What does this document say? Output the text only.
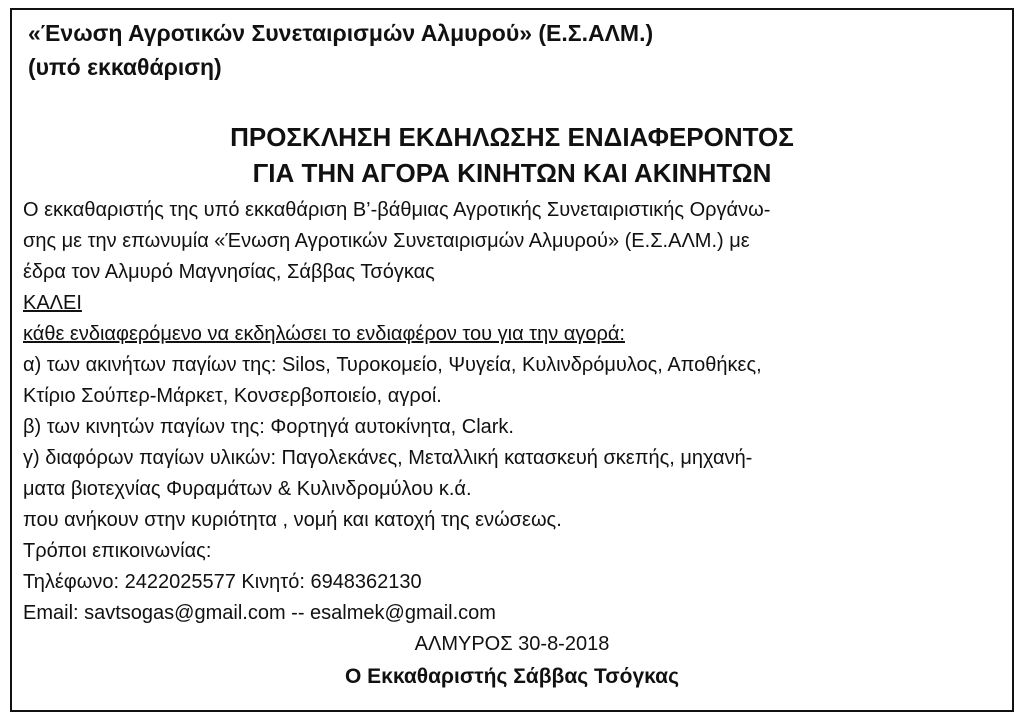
«Ένωση Αγροτικών Συνεταιρισμών Αλμυρού» (Ε.Σ.ΑΛΜ.)
(υπό εκκαθάριση)
ΠΡΟΣΚΛΗΣΗ ΕΚΔΗΛΩΣΗΣ ΕΝΔΙΑΦΕΡΟΝΤΟΣ
ΓΙΑ ΤΗΝ ΑΓΟΡΑ ΚΙΝΗΤΩΝ ΚΑΙ ΑΚΙΝΗΤΩΝ
Ο εκκαθαριστής της υπό εκκαθάριση Β’-βάθμιας Αγροτικής Συνεταιριστικής Οργάνω-
σης με την επωνυμία «Ένωση Αγροτικών Συνεταιρισμών Αλμυρού» (Ε.Σ.ΑΛΜ.) με
έδρα τον Αλμυρό Μαγνησίας, Σάββας Τσόγκας
ΚΑΛΕΙ
κάθε ενδιαφερόμενο να εκδηλώσει το ενδιαφέρον του για την αγορά:
α) των ακινήτων παγίων της: Silos, Τυροκομείο, Ψυγεία, Κυλινδρόμυλος, Αποθήκες,
Κτίριο Σούπερ-Μάρκετ, Κονσερβοποιείο, αγροί.
β) των κινητών παγίων της: Φορτηγά αυτοκίνητα, Clark.
γ) διαφόρων παγίων υλικών: Παγολεκάνες, Μεταλλική κατασκευή σκεπής, μηχανή-
ματα βιοτεχνίας Φυραμάτων & Κυλινδρομύλου κ.ά.
που ανήκουν στην κυριότητα , νομή και κατοχή της ενώσεως.
Τρόποι επικοινωνίας:
Τηλέφωνο: 2422025577 Κινητό: 6948362130
Email: savtsogas@gmail.com -- esalmek@gmail.com
ΑΛΜΥΡΟΣ 30-8-2018
Ο Εκκαθαριστής Σάββας Τσόγκας
